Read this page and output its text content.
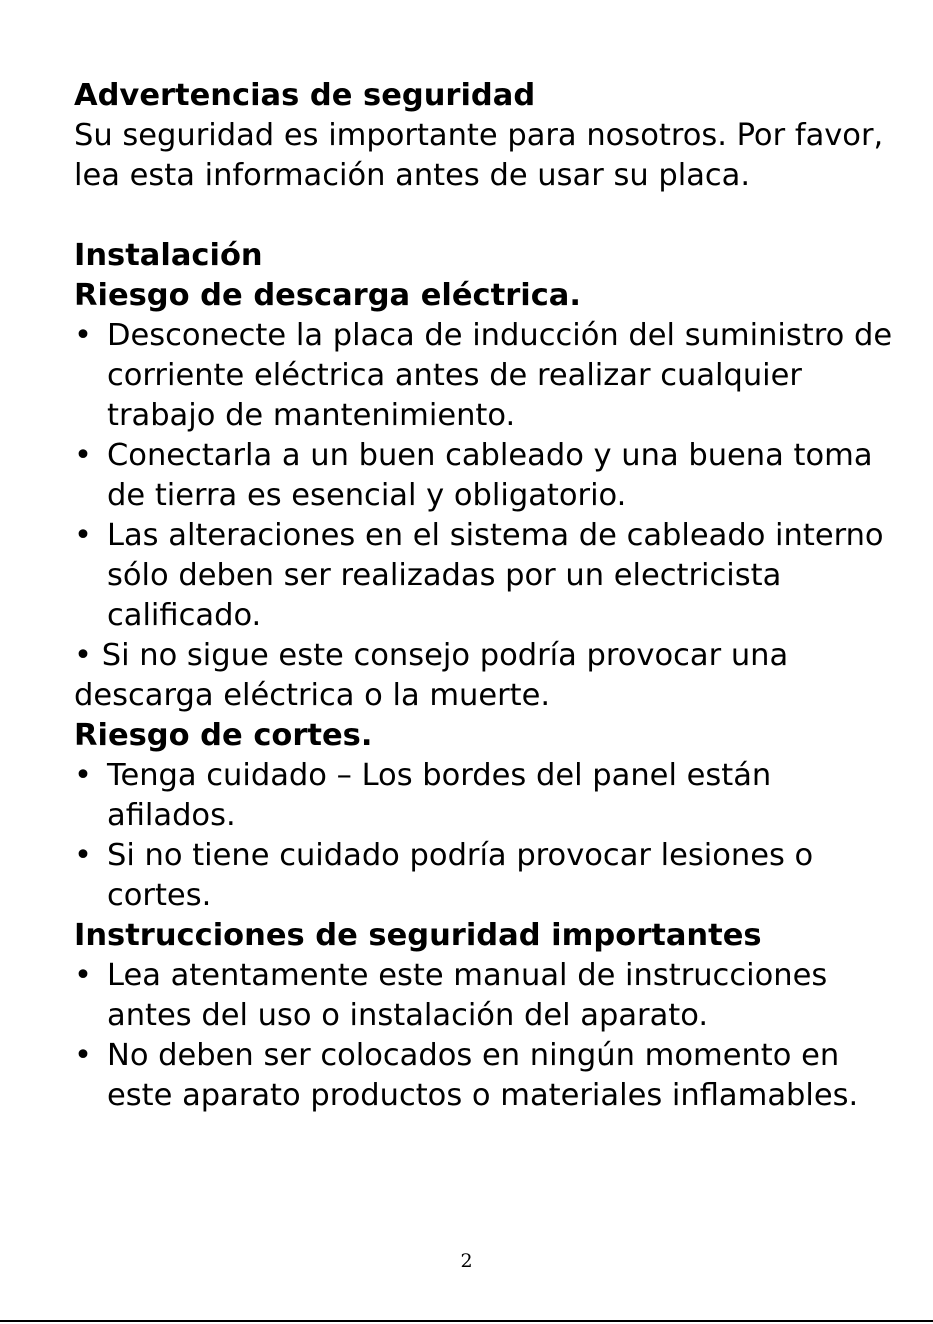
Advertencias de seguridad

Su seguridad es importante para nosotros. Por favor, lea esta información antes de usar su placa.

Instalación

Riesgo de descarga eléctrica.

• Desconecte la placa de inducción del suministro de corriente eléctrica antes de realizar cualquier trabajo de mantenimiento.

• Conectarla a un buen cableado y una buena toma de tierra es esencial y obligatorio.

• Las alteraciones en el sistema de cableado interno sólo deben ser realizadas por un electricista calificado.

• Si no sigue este consejo podría provocar una descarga eléctrica o la muerte.

Riesgo de cortes.

• Tenga cuidado – Los bordes del panel están afilados.

• Si no tiene cuidado podría provocar lesiones o cortes.

Instrucciones de seguridad importantes

• Lea atentamente este manual de instrucciones antes del uso o instalación del aparato.

• No deben ser colocados en ningún momento en este aparato productos o materiales inflamables.

2
